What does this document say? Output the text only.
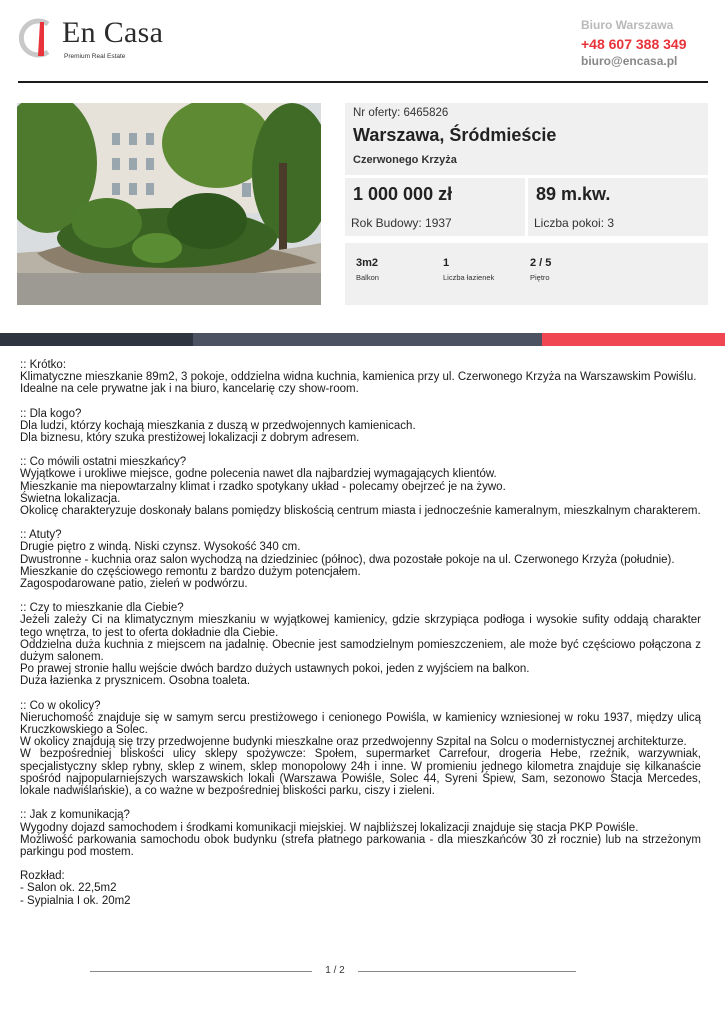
En Casa
Premium Real Estate
Biuro Warszawa
+48 607 388 349
biuro@encasa.pl
Nr oferty: 6465826
Warszawa, Śródmieście
Czerwonego Krzyża
1 000 000 zł
Rok Budowy: 1937
89 m.kw.
Liczba pokoi: 3
3m2
Balkon
1
Liczba łazienek
2 / 5
Piętro

:: Krótko:
Klimatyczne mieszkanie 89m2, 3 pokoje, oddzielna widna kuchnia, kamienica przy ul. Czerwonego Krzyża na Warszawskim Powiślu.
Idealne na cele prywatne jak i na biuro, kancelarię czy show-room.

:: Dla kogo?
Dla ludzi, którzy kochają mieszkania z duszą w przedwojennych kamienicach.
Dla biznesu, który szuka prestiżowej lokalizacji z dobrym adresem.

:: Co mówili ostatni mieszkańcy?
Wyjątkowe i urokliwe miejsce, godne polecenia nawet dla najbardziej wymagających klientów.
Mieszkanie ma niepowtarzalny klimat i rzadko spotykany układ - polecamy obejrzeć je na żywo.
Świetna lokalizacja.
Okolicę charakteryzuje doskonały balans pomiędzy bliskością centrum miasta i jednocześnie kameralnym, mieszkalnym charakterem.

:: Atuty?
Drugie piętro z windą. Niski czynsz. Wysokość 340 cm.
Dwustronne - kuchnia oraz salon wychodzą na dziedziniec (północ), dwa pozostałe pokoje na ul. Czerwonego Krzyża (południe).
Mieszkanie do częściowego remontu z bardzo dużym potencjałem.
Zagospodarowane patio, zieleń w podwórzu.

:: Czy to mieszkanie dla Ciebie?
Jeżeli zależy Ci na klimatycznym mieszkaniu w wyjątkowej kamienicy, gdzie skrzypiąca podłoga i wysokie sufity oddają charakter tego wnętrza, to jest to oferta dokładnie dla Ciebie.
Oddzielna duża kuchnia z miejscem na jadalnię. Obecnie jest samodzielnym pomieszczeniem, ale może być częściowo połączona z dużym salonem.
Po prawej stronie hallu wejście dwóch bardzo dużych ustawnych pokoi, jeden z wyjściem na balkon.
Duża łazienka z prysznicem. Osobna toaleta.

:: Co w okolicy?
Nieruchomość znajduje się w samym sercu prestiżowego i cenionego Powiśla, w kamienicy wzniesionej w roku 1937, między ulicą Kruczkowskiego a Solec.
W okolicy znajdują się trzy przedwojenne budynki mieszkalne oraz przedwojenny Szpital na Solcu o modernistycznej architekturze.
W bezpośredniej bliskości ulicy sklepy spożywcze: Społem, supermarket Carrefour, drogeria Hebe, rzeźnik, warzywniak, specjalistyczny sklep rybny, sklep z winem, sklep monopolowy 24h i inne. W promieniu jednego kilometra znajduje się kilkanaście spośród najpopularniejszych warszawskich lokali (Warszawa Powiśle, Solec 44, Syreni Śpiew, Sam, sezonowo Stacja Mercedes, lokale nadwiślańskie), a co ważne w bezpośredniej bliskości parku, ciszy i zieleni.

:: Jak z komunikacją?
Wygodny dojazd samochodem i środkami komunikacji miejskiej. W najbliższej lokalizacji znajduje się stacja PKP Powiśle.
Możliwość parkowania samochodu obok budynku (strefa płatnego parkowania - dla mieszkańców 30 zł rocznie) lub na strzeżonym parkingu pod mostem.

Rozkład:
- Salon ok. 22,5m2
- Sypialnia I ok. 20m2

1 / 2
